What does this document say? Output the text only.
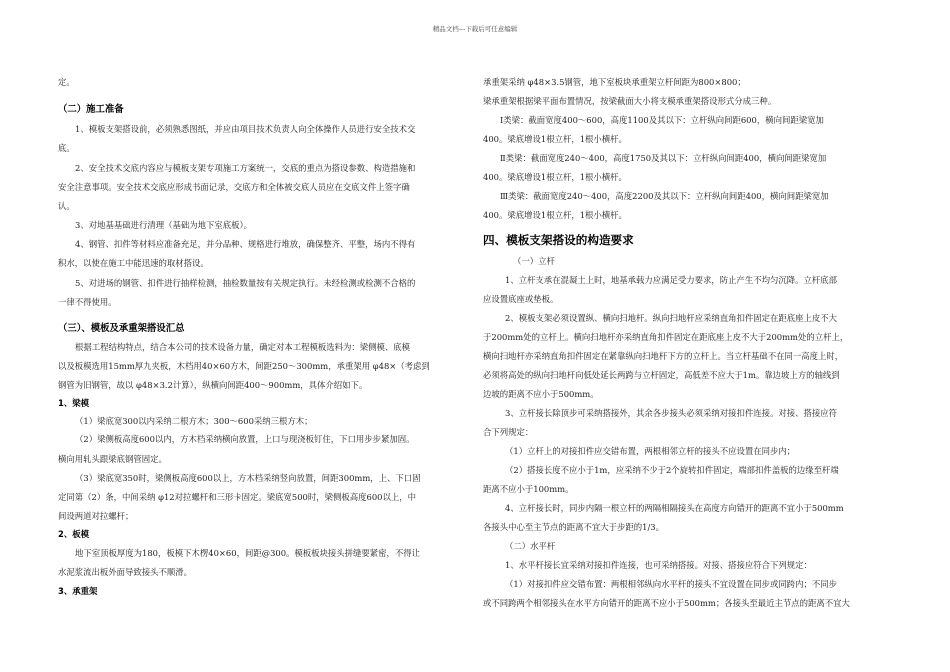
精品文档---下载后可任意编辑
定。
（二）施工准备
1、模板支架搭设前，必须熟悉图纸，并应由项目技术负责人向全体操作人员进行安全技术交
底。
2、安全技术交底内容应与模板支架专项施工方案统一，交底的重点为搭设参数、构造措施和
安全注意事项。安全技术交底应形成书面记录，交底方和全体被交底人员应在交底文件上签字确
认。
3、对地基基础进行清理（基础为地下室底板）。
4、钢管、扣件等材料应准备充足，并分品种、规格进行堆放，确保整齐、平整，场内不得有
积水，以使在施工中能迅速的取材搭设。
5、对进场的钢管、扣件进行抽样检测，抽检数量按有关规定执行。未经检测或检测不合格的
一律不得使用。
（三）、模板及承重架搭设汇总
根据工程结构特点，结合本公司的技术设备力量，确定对本工程模板选料为：梁侧模、底模
以及板模选用15mm厚九夹板，木档用40×60方木，间距250～300mm，承重架用 φ48×（考虑到
钢管为旧钢管，故以 φ48×3.2计算），纵横向间距400～900mm，具体介绍如下。
1、梁模
（1）梁底宽300以内采纳二根方木；300～600采纳三根方木；
（2）梁侧板高度600以内，方木档采纳横向放置，上口与现浇板钉住，下口用步步紧加固。
横向用轧头跟梁底钢管固定。
（3）梁底宽350时，梁侧板高度600以上，方木档采纳竖向放置，间距300mm，上、下口固
定同第（2）条，中间采纳 φ12对拉螺杆和三形卡固定。梁底宽500时，梁侧板高度600以上，中
间设两道对拉螺杆；
2、板模
地下室顶板厚度为180，板模下木楞40×60，间距@300。模板板块接头拼缝要紧密，不得让
水泥浆流出板外面导致接头不顺滑。
3、承重架
承重架采纳 φ48×3.5钢管，地下室板块承重架立杆间距为800×800；
梁承重架根据梁平面布置情况，按梁截面大小将支模承重架搭设形式分成三种。
Ⅰ类梁：截面宽度400～600，高度1100及其以下：立杆纵向间距600，横向间距梁宽加
400。梁底增设1根立杆，1根小横杆。
Ⅱ类梁：截面宽度240～400，高度1750及其以下：立杆纵向间距400，横向间距梁宽加
400。梁底增设1根立杆，1根小横杆。
Ⅲ类梁：截面宽度240～400，高度2200及其以下：立杆纵向间距400，横向间距梁宽加
400。梁底增设1根立杆，1根小横杆。
四、模板支架搭设的构造要求
（一）立杆
1、立杆支承在混凝土上时，地基承载力应满足受力要求，防止产生不均匀沉降。立杆底部
应设置底座或垫板。
2、模板支架必须设置纵、横向扫地杆。纵向扫地杆应采纳直角扣件固定在距底座上皮不大
于200mm处的立杆上。横向扫地杆亦采纳直角扣件固定在距底座上皮不大于200mm处的立杆上，
横向扫地杆亦采纳直角扣件固定在紧靠纵向扫地杆下方的立杆上。当立杆基础不在同一高度上时，
必须将高处的纵向扫地杆向低处延长两跨与立杆固定，高低差不应大于1m。靠边坡上方的轴线到
边坡的距离不应小于500mm。
3、立杆接长除顶步可采纳搭接外，其余各步接头必须采纳对接扣件连接。对接、搭接应符
合下列规定：
（1）立杆上的对接扣件应交错布置，两根相邻立杆的接头不应设置在同步内；
（2）搭接长度不应小于1m，应采纳不少于2个旋转扣件固定，端部扣件盖板的边缘至杆端
距离不应小于100mm。
4、立杆接长时，同步内隔一根立杆的两隔相隔接头在高度方向错开的距离不宜小于500mm
各接头中心至主节点的距离不宜大于步距的1/3。
（二）水平杆
1、水平杆接长宜采纳对接扣件连接，也可采纳搭接。对接、搭接应符合下列规定：
（1）对接扣件应交错布置：两根相邻纵向水平杆的接头不宜设置在同步或同跨内；不同步
或不同跨两个相邻接头在水平方向错开的距离不应小于500mm；各接头至最近主节点的距离不宜大
